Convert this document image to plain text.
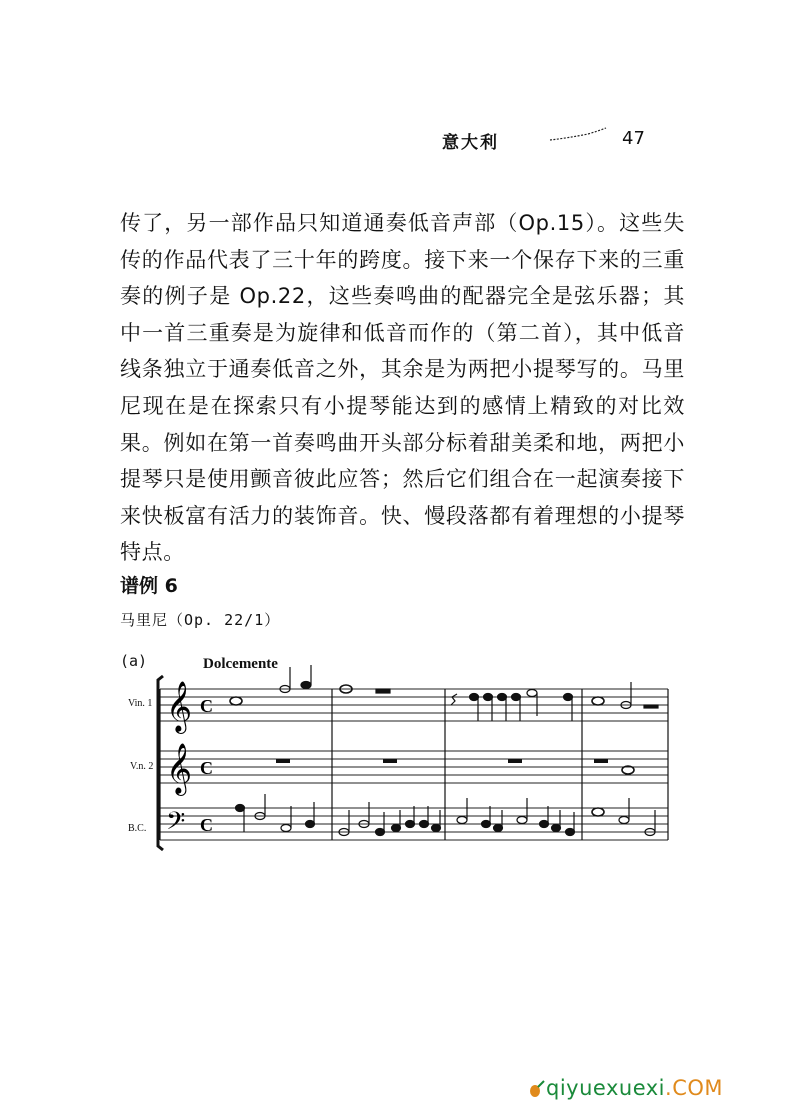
意大利	47
传了，另一部作品只知道通奏低音声部（Op.15）。这些失传的作品代表了三十年的跨度。接下来一个保存下来的三重奏的例子是 Op.22，这些奏鸣曲的配器完全是弦乐器；其中一首三重奏是为旋律和低音而作的（第二首），其中低音线条独立于通奏低音之外，其余是为两把小提琴写的。马里尼现在是在探索只有小提琴能达到的感情上精致的对比效果。例如在第一首奏鸣曲开头部分标着甜美柔和地，两把小提琴只是使用颤音彼此应答；然后它们组合在一起演奏接下来快板富有活力的装饰音。快、慢段落都有着理想的小提琴特点。
谱例 6
马里尼（Op. 22/1）
(a)	Dolcemente
Vin. 1
V.n. 2
B.C.
𝄞
𝄞
𝄢
C
C
C
qiyuexuexi.COM
